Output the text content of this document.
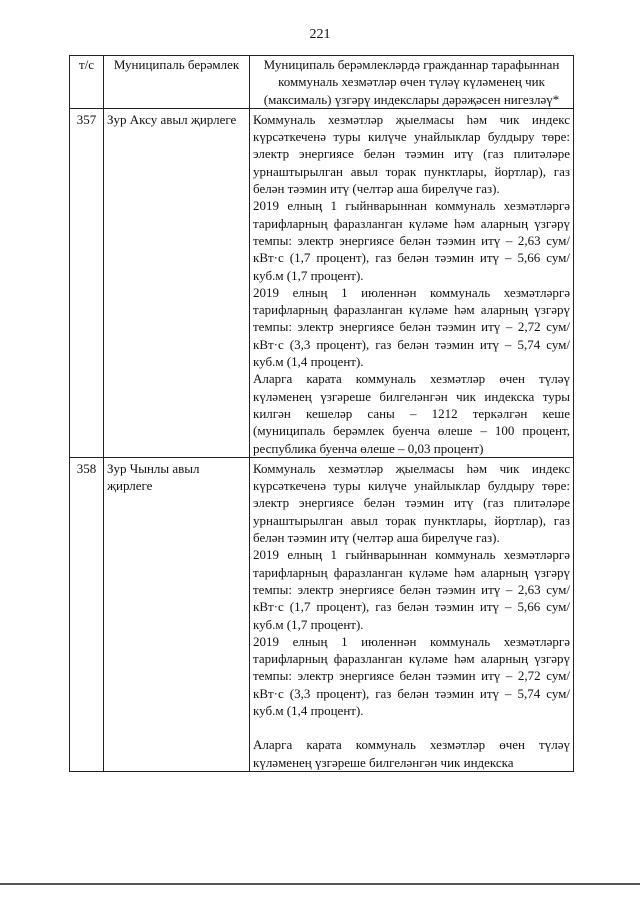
221
т/с	Муниципаль берәмлек	Муниципаль берәмлекләрдә гражданнар тарафыннан коммуналь хезмәтләр өчен түләү күләменең чик (максималь) үзгәрү индекслары дәрәҗәсен нигезләү*
357	Зур Аксу авыл җирлеге	Коммуналь хезмәтләр җыелмасы һәм чик индекс күрсәткеченә туры килүче унайлыклар булдыру төре: электр энергиясе белән тәэмин итү (газ плитәләре урнаштырылган авыл торак пунктлары, йортлар), газ белән тәэмин итү (челтәр аша бирелүче газ).

2019 елның 1 гыйнварыннан коммуналь хезмәтләргә тарифларның фаразланган күләме һәм аларның үзгәрү темпы: электр энергиясе белән тәэмин итү – 2,63 сум/кВт·с (1,7 процент), газ белән тәэмин итү – 5,66 сум/куб.м (1,7 процент).

2019 елның 1 июленнән коммуналь хезмәтләргә тарифларның фаразланган күләме һәм аларның үзгәрү темпы: электр энергиясе белән тәэмин итү – 2,72 сум/кВт·с (3,3 процент), газ белән тәэмин итү – 5,74 сум/куб.м (1,4 процент).

Аларга карата коммуналь хезмәтләр өчен түләү күләменең үзгәреше билгеләнгән чик индекска туры килгән кешеләр саны – 1212 теркәлгән кеше (муниципаль берәмлек буенча өлеше – 100 процент, республика буенча өлеше – 0,03 процент)

358	Зур Чынлы авыл җирлеге	Коммуналь хезмәтләр җыелмасы һәм чик индекс күрсәткеченә туры килүче унайлыклар булдыру төре: электр энергиясе белән тәэмин итү (газ плитәләре урнаштырылган авыл торак пунктлары, йортлар), газ белән тәэмин итү (челтәр аша бирелүче газ).

2019 елның 1 гыйнварыннан коммуналь хезмәтләргә тарифларның фаразланган күләме һәм аларның үзгәрү темпы: электр энергиясе белән тәэмин итү – 2,63 сум/кВт·с (1,7 процент), газ белән тәэмин итү – 5,66 сум/куб.м (1,7 процент).

2019 елның 1 июленнән коммуналь хезмәтләргә тарифларның фаразланган күләме һәм аларның үзгәрү темпы: электр энергиясе белән тәэмин итү – 2,72 сум/кВт·с (3,3 процент), газ белән тәэмин итү – 5,74 сум/куб.м (1,4 процент).

Аларга карата коммуналь хезмәтләр өчен түләү күләменең үзгәреше билгеләнгән чик индекска
